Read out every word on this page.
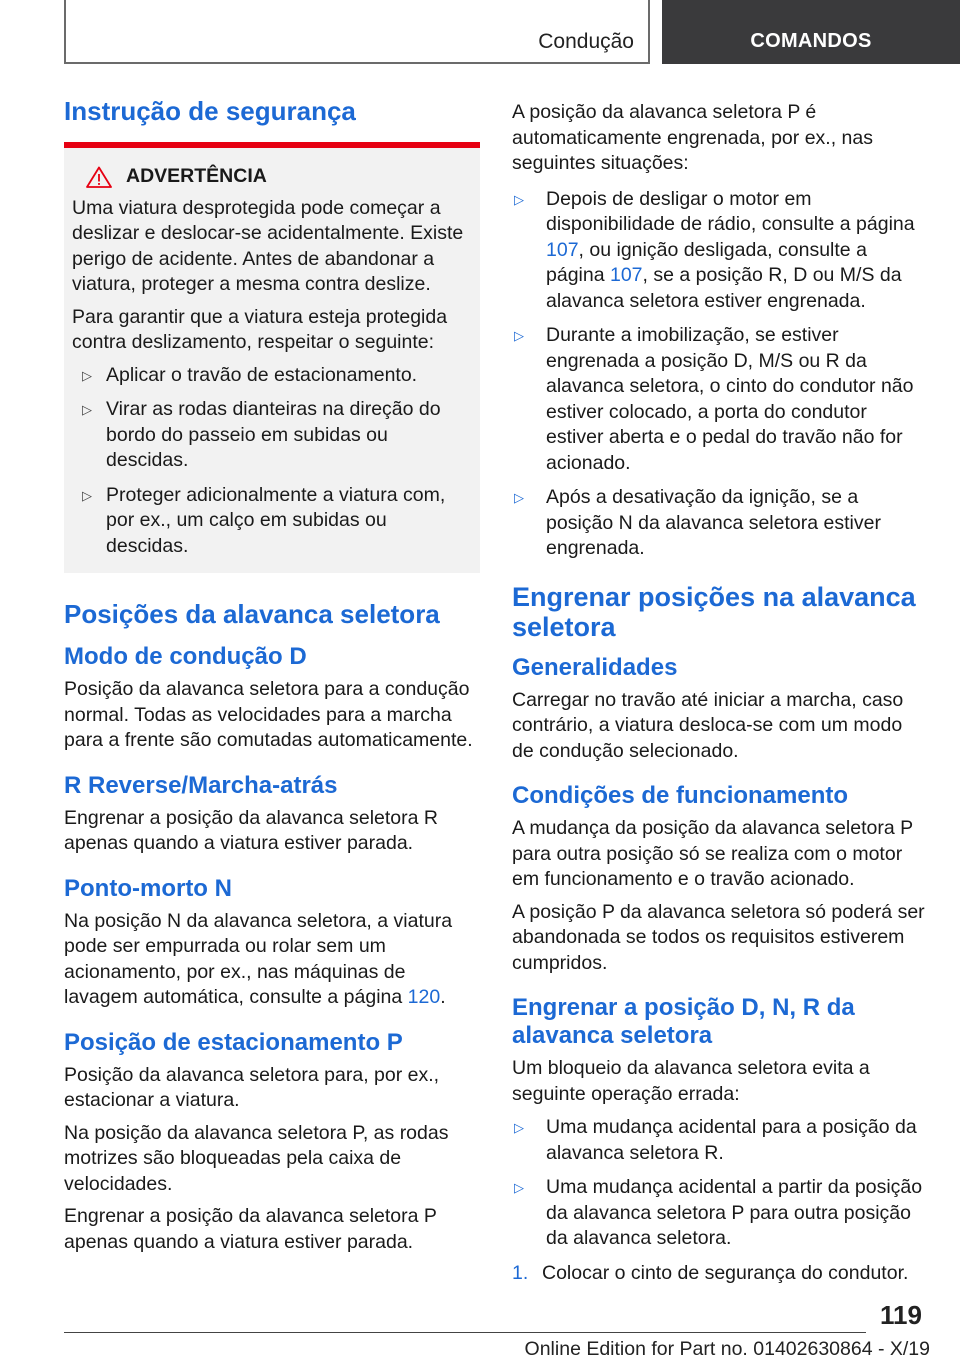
Condução	COMANDOS
Instrução de segurança
ADVERTÊNCIA

Uma viatura desprotegida pode começar a deslizar e deslocar-se acidentalmente. Existe perigo de acidente. Antes de abandonar a viatura, proteger a mesma contra deslize.

Para garantir que a viatura esteja protegida contra deslizamento, respeitar o seguinte:

▷ Aplicar o travão de estacionamento.
▷ Virar as rodas dianteiras na direção do bordo do passeio em subidas ou descidas.
▷ Proteger adicionalmente a viatura com, por ex., um calço em subidas ou descidas.
Posições da alavanca seletora
Modo de condução D

Posição da alavanca seletora para a condução normal. Todas as velocidades para a marcha para a frente são comutadas automaticamente.

R Reverse/Marcha-atrás

Engrenar a posição da alavanca seletora R apenas quando a viatura estiver parada.

Ponto-morto N

Na posição N da alavanca seletora, a viatura pode ser empurrada ou rolar sem um acionamento, por ex., nas máquinas de lavagem automática, consulte a página 120.

Posição de estacionamento P

Posição da alavanca seletora para, por ex., estacionar a viatura.

Na posição da alavanca seletora P, as rodas motrizes são bloqueadas pela caixa de velocidades.

Engrenar a posição da alavanca seletora P apenas quando a viatura estiver parada.

A posição da alavanca seletora P é automaticamente engrenada, por ex., nas seguintes situações:

▷ Depois de desligar o motor em disponibilidade de rádio, consulte a página 107, ou ignição desligada, consulte a página 107, se a posição R, D ou M/S da alavanca seletora estiver engrenada.
▷ Durante a imobilização, se estiver engrenada a posição D, M/S ou R da alavanca seletora, o cinto do condutor não estiver colocado, a porta do condutor estiver aberta e o pedal do travão não for acionado.
▷ Após a desativação da ignição, se a posição N da alavanca seletora estiver engrenada.
Engrenar posições na alavanca seletora
Generalidades

Carregar no travão até iniciar a marcha, caso contrário, a viatura desloca-se com um modo de condução selecionado.

Condições de funcionamento

A mudança da posição da alavanca seletora P para outra posição só se realiza com o motor em funcionamento e o travão acionado.

A posição P da alavanca seletora só poderá ser abandonada se todos os requisitos estiverem cumpridos.

Engrenar a posição D, N, R da alavanca seletora

Um bloqueio da alavanca seletora evita a seguinte operação errada:

▷ Uma mudança acidental para a posição da alavanca seletora R.
▷ Uma mudança acidental a partir da posição da alavanca seletora P para outra posição da alavanca seletora.
1. Colocar o cinto de segurança do condutor.
119
Online Edition for Part no. 01402630864 - X/19
